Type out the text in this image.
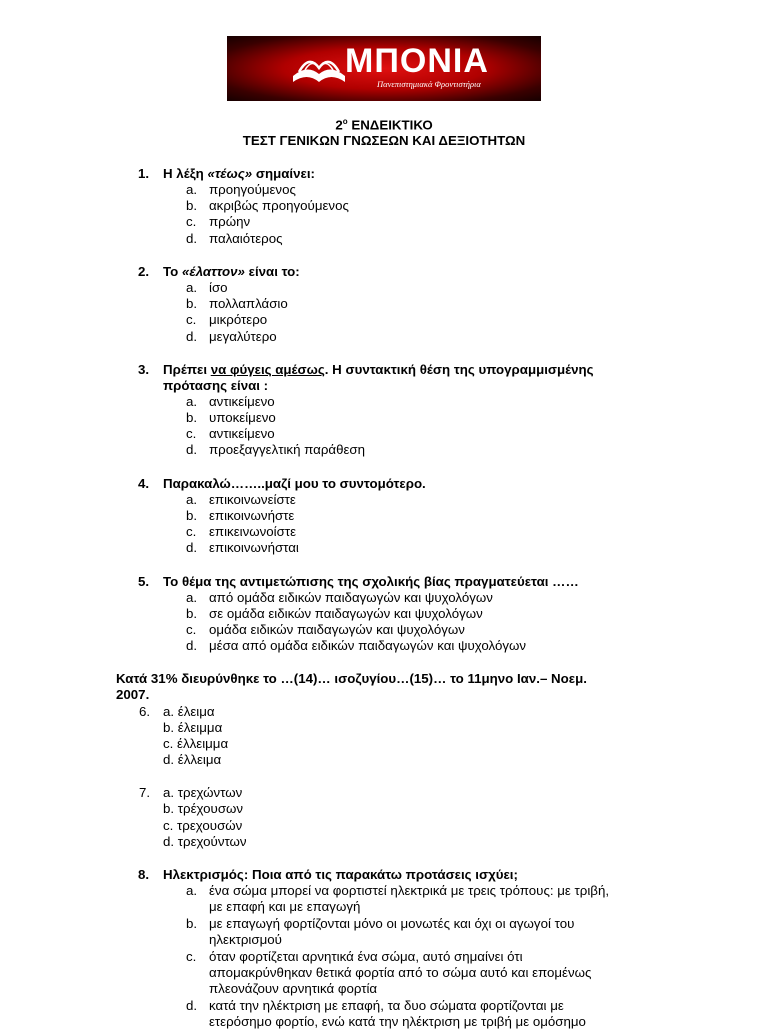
ΜΠΟΝΙΑ
Πανεπιστημιακά Φροντιστήρια
$2^o$ ΕΝΔΕΙΚΤΙΚΟ
ΤΕΣΤ ΓΕΝΙΚΩΝ ΓΝΩΣΕΩΝ ΚΑΙ ΔΕΞΙΟΤΗΤΩΝ
1. Η λέξη «τέως» σημαίνει:
a. προηγούμενος
b. ακριβώς προηγούμενος
c. πρώην
d. παλαιότερος
2. Το «έλαττον» είναι το:
a. ίσο
b. πολλαπλάσιο
c. μικρότερο
d. μεγαλύτερο
3. Πρέπει να φύγεις αμέσως. Η συντακτική θέση της υπογραμμισμένης
πρότασης είναι :
a. αντικείμενο
b. υποκείμενο
c. αντικείμενο
d. προεξαγγελτική παράθεση
4. Παρακαλώ……..μαζί μου το συντομότερο.
a. επικοινωνείστε
b. επικοινωνήστε
c. επικεινωνοίστε
d. επικοινωνήσται
5. Το θέμα της αντιμετώπισης της σχολικής βίας πραγματεύεται ……
a. από ομάδα ειδικών παιδαγωγών και ψυχολόγων
b. σε ομάδα ειδικών παιδαγωγών και ψυχολόγων
c. ομάδα ειδικών παιδαγωγών και ψυχολόγων
d. μέσα από ομάδα ειδικών παιδαγωγών και ψυχολόγων
Κατά 31% διευρύνθηκε το …(14)… ισοζυγίου…(15)… το 11μηνο Ιαν.– Νοεμ.
2007.
6. a. έλειμα
b. έλειμμα
c. έλλειμμα
d. έλλειμα
7. a. τρεχώντων
b. τρέχουσων
c. τρεχουσών
d. τρεχούντων
8. Ηλεκτρισμός: Ποια από τις παρακάτω προτάσεις ισχύει;
a. ένα σώμα μπορεί να φορτιστεί ηλεκτρικά με τρεις τρόπους: με τριβή,
με επαφή και με επαγωγή
b. με επαγωγή φορτίζονται μόνο οι μονωτές και όχι οι αγωγοί του
ηλεκτρισμού
c. όταν φορτίζεται αρνητικά ένα σώμα, αυτό σημαίνει ότι
απομακρύνθηκαν θετικά φορτία από το σώμα αυτό και επομένως
πλεονάζουν αρνητικά φορτία
d. κατά την ηλέκτριση με επαφή, τα δυο σώματα φορτίζονται με
ετερόσημο φορτίο, ενώ κατά την ηλέκτριση με τριβή με ομόσημο
